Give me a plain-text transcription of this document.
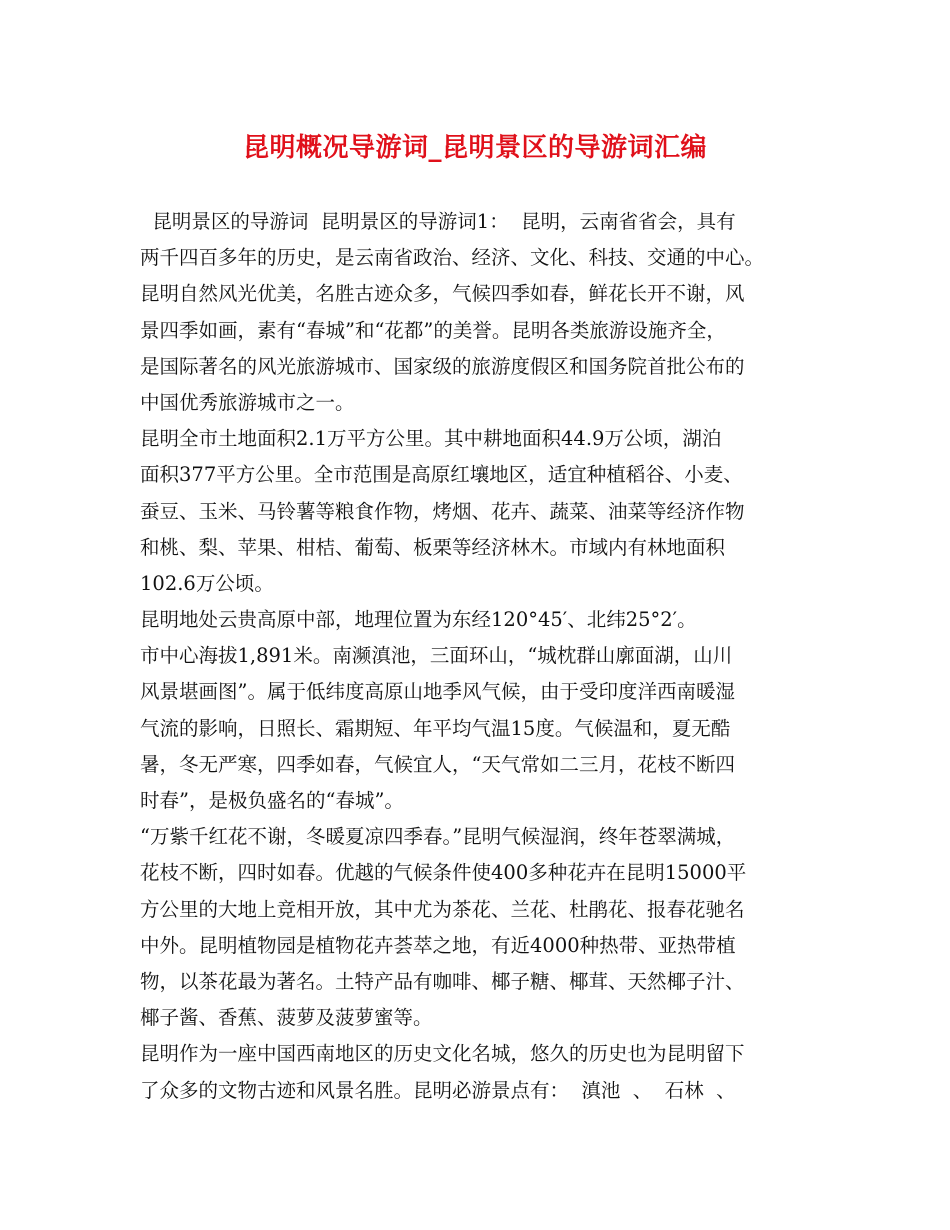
昆明概况导游词_昆明景区的导游词汇编
昆明景区的导游词  昆明景区的导游词1：  昆明，云南省省会，具有
两千四百多年的历史，是云南省政治、经济、文化、科技、交通的中心。
昆明自然风光优美，名胜古迹众多，气候四季如春，鲜花长开不谢，风
景四季如画，素有“春城”和“花都”的美誉。昆明各类旅游设施齐全，
是国际著名的风光旅游城市、国家级的旅游度假区和国务院首批公布的
中国优秀旅游城市之一。
昆明全市土地面积2.1万平方公里。其中耕地面积44.9万公顷，湖泊
面积377平方公里。全市范围是高原红壤地区，适宜种植稻谷、小麦、
蚕豆、玉米、马铃薯等粮食作物，烤烟、花卉、蔬菜、油菜等经济作物
和桃、梨、苹果、柑桔、葡萄、板栗等经济林木。市域内有林地面积
102.6万公顷。
昆明地处云贵高原中部，地理位置为东经120°45′、北纬25°2′。
市中心海拔1,891米。南濒滇池，三面环山，“城枕群山廓面湖，山川
风景堪画图”。属于低纬度高原山地季风气候，由于受印度洋西南暖湿
气流的影响，日照长、霜期短、年平均气温15度。气候温和，夏无酷
暑，冬无严寒，四季如春，气候宜人，“天气常如二三月，花枝不断四
时春”，是极负盛名的“春城”。
“万紫千红花不谢，冬暖夏凉四季春。”昆明气候湿润，终年苍翠满城，
花枝不断，四时如春。优越的气候条件使400多种花卉在昆明15000平
方公里的大地上竞相开放，其中尤为茶花、兰花、杜鹃花、报春花驰名
中外。昆明植物园是植物花卉荟萃之地，有近4000种热带、亚热带植
物，以茶花最为著名。土特产品有咖啡、椰子糖、椰茸、天然椰子汁、
椰子酱、香蕉、菠萝及菠萝蜜等。
昆明作为一座中国西南地区的历史文化名城，悠久的历史也为昆明留下
了众多的文物古迹和风景名胜。昆明必游景点有：  滇池  、  石林  、
